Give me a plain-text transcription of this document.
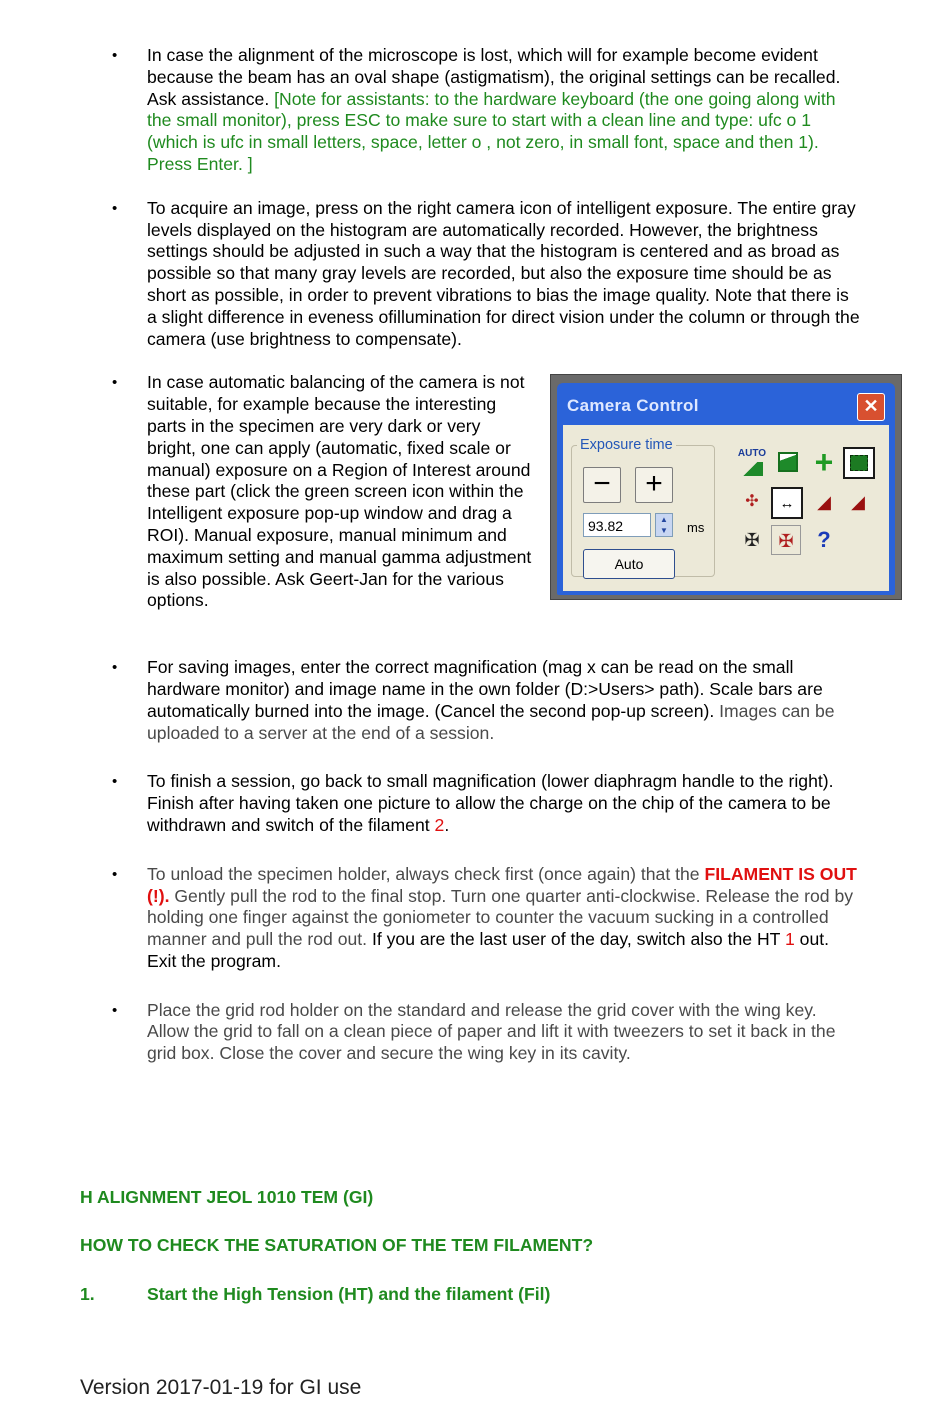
• In case the alignment of the microscope is lost, which will for example become evident because the beam has an oval shape (astigmatism), the original settings can be recalled. Ask assistance. [Note for assistants: to the hardware keyboard (the one going along with the small monitor), press ESC to make sure to start with a clean line and type: ufc o 1 (which is ufc in small letters, space, letter o , not zero, in small font, space and then 1). Press Enter. ]
• To acquire an image, press on the right camera icon of intelligent exposure. The entire gray levels displayed on the histogram are automatically recorded. However, the brightness settings should be adjusted in such a way that the histogram is centered and as broad as possible so that many gray levels are recorded, but also the exposure time should be as short as possible, in order to prevent vibrations to bias the image quality. Note that there is a slight difference in eveness ofillumination for direct vision under the column or through the camera (use brightness to compensate).
•
Camera Control	✕
Exposure time
−	+
93.82	▲
▼	ms
Auto
AUTO +
✣	↔	◢	◢
✠	✠	?
In case automatic balancing of the camera is not suitable, for example because the interesting parts in the specimen are very dark or very bright, one can apply (automatic, fixed scale or manual) exposure on a Region of Interest around these part (click the green screen icon within the Intelligent exposure pop-up window and drag a ROI). Manual exposure, manual minimum and maximum setting and manual gamma adjustment is also possible. Ask Geert-Jan for the various options.
• For saving images, enter the correct magnification (mag x can be read on the small hardware monitor) and image name in the own folder (D:>Users> path). Scale bars are automatically burned into the image. (Cancel the second pop-up screen). Images can be uploaded to a server at the end of a session.
• To finish a session, go back to small magnification (lower diaphragm handle to the right). Finish after having taken one picture to allow the charge on the chip of the camera to be withdrawn and switch of the filament 2.
• To unload the specimen holder, always check first (once again) that the FILAMENT IS OUT (!). Gently pull the rod to the final stop. Turn one quarter anti-clockwise. Release the rod by holding one finger against the goniometer to counter the vacuum sucking in a controlled manner and pull the rod out. If you are the last user of the day, switch also the HT 1 out. Exit the program.
• Place the grid rod holder on the standard and release the grid cover with the wing key. Allow the grid to fall on a clean piece of paper and lift it with tweezers to set it back in the grid box. Close the cover and secure the wing key in its cavity.
H ALIGNMENT JEOL 1010 TEM (GI)
HOW TO CHECK THE SATURATION OF THE TEM FILAMENT?
1.	Start the High Tension (HT) and the filament (Fil)
Version 2017-01-19 for GI use
